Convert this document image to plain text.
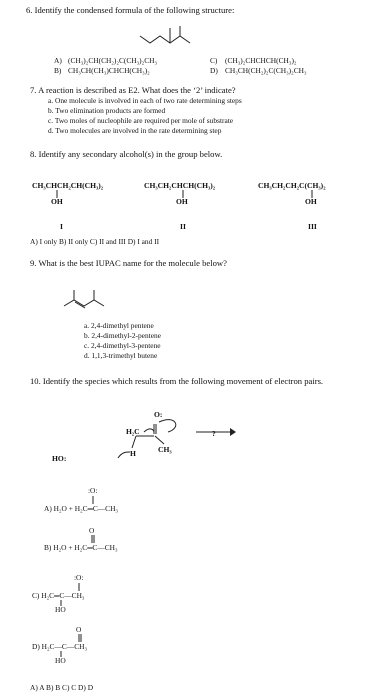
6. Identify the condensed formula of the following structure:
A) (CH₃)₂CH(CH₂)₂C(CH₃)₂CH₃
B) CH₃CH(CH₃)CHCH(CH₃)₂
C) (CH₃)₂CHCHCH(CH₃)₂
D) CH₃CH(CH₂)₂C(CH₃)₂CH₃
7. A reaction is described as E2. What does the ‘2’ indicate?
a. One molecule is involved in each of two rate determining steps
b. Two elimination products are formed
c. Two moles of nucleophile are required per mole of substrate
d. Two molecules are involved in the rate determining step
8. Identify any secondary alcohol(s) in the group below.
CH₃CHCH₂CH(CH₃)₂
OH
CH₃CH₂CHCH(CH₃)₂
OH
CH₃CH₂CH₂C(CH₃)₂
OH
I	II	III
A) I only B) II only C) II and III D) I and II
9. What is the best IUPAC name for the molecule below?
a. 2,4-dimethyl pentene
b. 2,4-dimethyl-2-pentene
c. 2,4-dimethyl-3-pentene
d. 1,1,3-trimethyl butene
10. Identify the species which results from the following movement of electron pairs.
O:
H₂C
CH₃
H
HO:
?
:O:
A) H₂O + H₂C═C—CH₃
O
B) H₂O + H₂C═C—CH₃
:O:
C) H₂C═C—CH₃
HO
O
D) H₂C—C—CH₃
HO
A) A B) B C) C D) D
